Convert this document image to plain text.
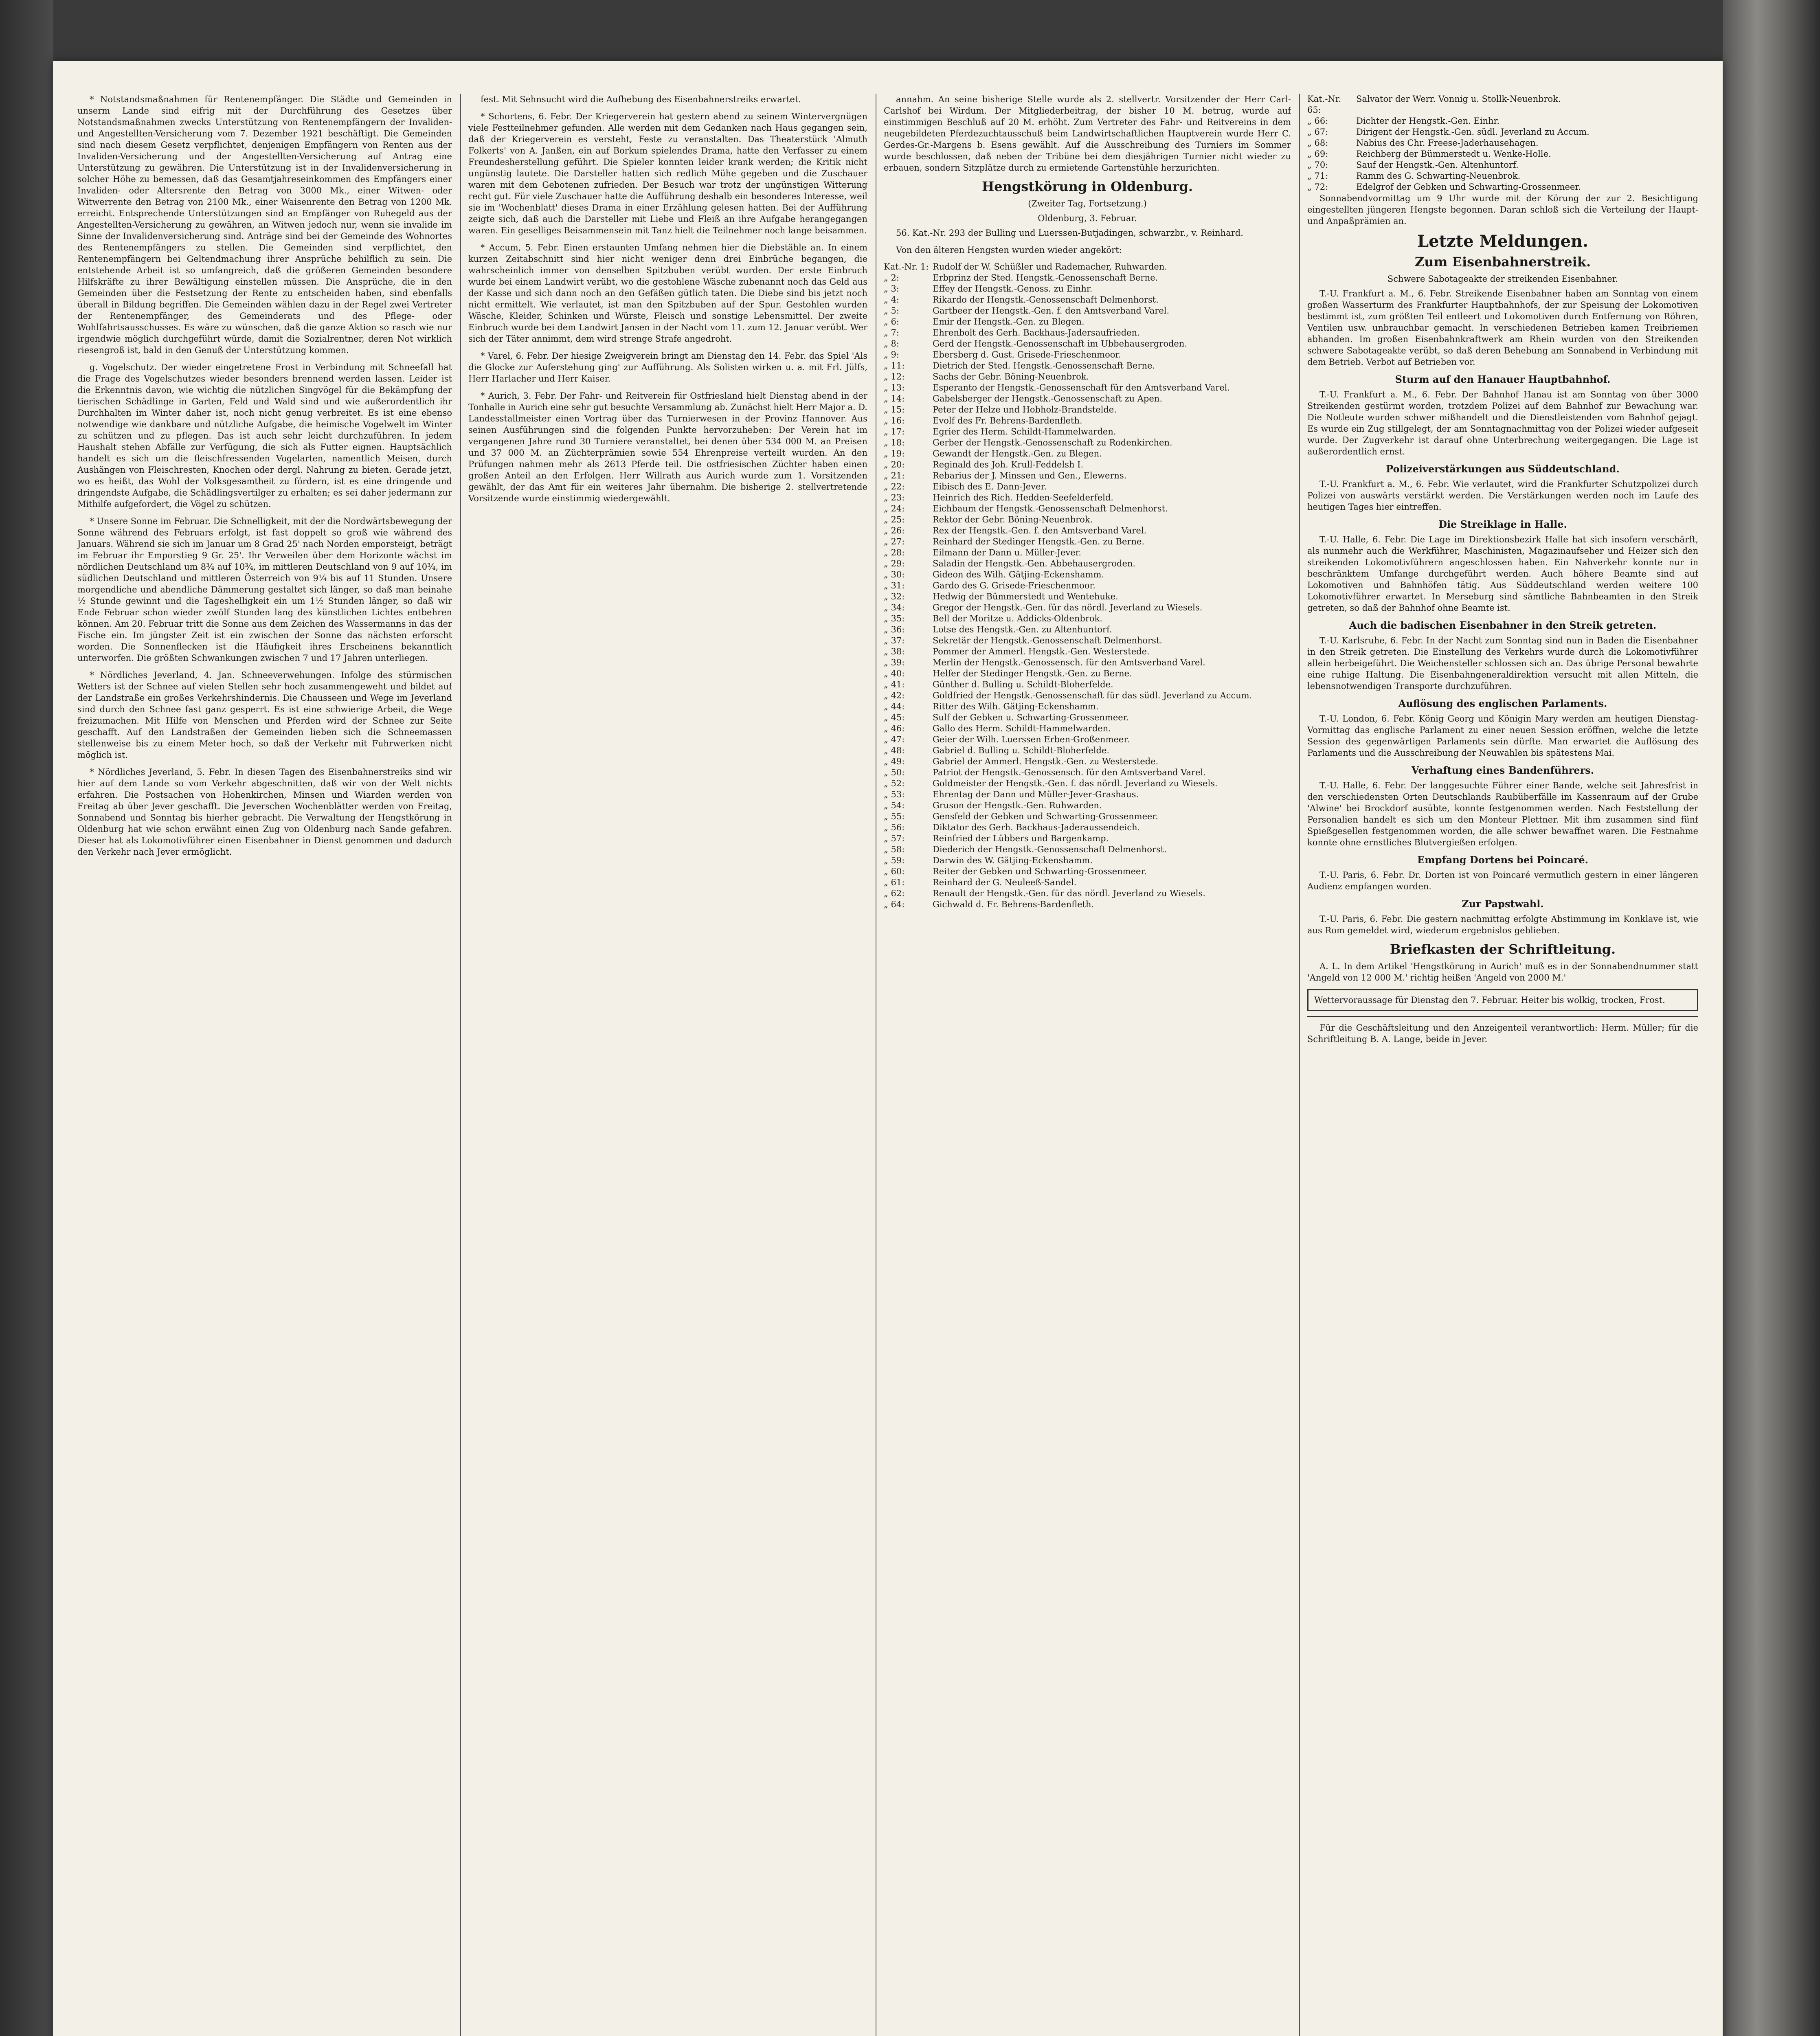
* Notstandsmaßnahmen für Rentenempfänger. Die Städte und Gemeinden in unserm Lande sind eifrig mit der Durchführung des Gesetzes über Notstandsmaßnahmen zwecks Unterstützung von Rentenempfängern der Invaliden- und Angestellten-Versicherung vom 7. Dezember 1921 beschäftigt. Die Gemeinden sind nach diesem Gesetz verpflichtet, denjenigen Empfängern von Renten aus der Invaliden-Versicherung und der Angestellten-Versicherung auf Antrag eine Unterstützung zu gewähren. Die Unterstützung ist in der Invalidenversicherung in solcher Höhe zu bemessen, daß das Gesamtjahreseinkommen des Empfängers einer Invaliden- oder Altersrente den Betrag von 3000 Mk., einer Witwen- oder Witwerrente den Betrag von 2100 Mk., einer Waisenrente den Betrag von 1200 Mk. erreicht. Entsprechende Unterstützungen sind an Empfänger von Ruhegeld aus der Angestellten-Versicherung zu gewähren, an Witwen jedoch nur, wenn sie invalide im Sinne der Invalidenversicherung sind. Anträge sind bei der Gemeinde des Wohnortes des Rentenempfängers zu stellen. Die Gemeinden sind verpflichtet, den Rentenempfängern bei Geltendmachung ihrer Ansprüche behilflich zu sein. Die entstehende Arbeit ist so umfangreich, daß die größeren Gemeinden besondere Hilfskräfte zu ihrer Bewältigung einstellen müssen. Die Ansprüche, die in den Gemeinden über die Festsetzung der Rente zu entscheiden haben, sind ebenfalls überall in Bildung begriffen. Die Gemeinden wählen dazu in der Regel zwei Vertreter der Rentenempfänger, des Gemeinderats und des Pflege- oder Wohlfahrtsausschusses. Es wäre zu wünschen, daß die ganze Aktion so rasch wie nur irgendwie möglich durchgeführt würde, damit die Sozialrentner, deren Not wirklich riesengroß ist, bald in den Genuß der Unterstützung kommen.

g. Vogelschutz. Der wieder eingetretene Frost in Verbindung mit Schneefall hat die Frage des Vogelschutzes wieder besonders brennend werden lassen. Leider ist die Erkenntnis davon, wie wichtig die nützlichen Singvögel für die Bekämpfung der tierischen Schädlinge in Garten, Feld und Wald sind und wie außerordentlich ihr Durchhalten im Winter daher ist, noch nicht genug verbreitet. Es ist eine ebenso notwendige wie dankbare und nützliche Aufgabe, die heimische Vogelwelt im Winter zu schützen und zu pflegen. Das ist auch sehr leicht durchzuführen. In jedem Haushalt stehen Abfälle zur Verfügung, die sich als Futter eignen. Hauptsächlich handelt es sich um die fleischfressenden Vogelarten, namentlich Meisen, durch Aushängen von Fleischresten, Knochen oder dergl. Nahrung zu bieten. Gerade jetzt, wo es heißt, das Wohl der Volksgesamtheit zu fördern, ist es eine dringende und dringendste Aufgabe, die Schädlingsvertilger zu erhalten; es sei daher jedermann zur Mithilfe aufgefordert, die Vögel zu schützen.

* Unsere Sonne im Februar. Die Schnelligkeit, mit der die Nordwärtsbewegung der Sonne während des Februars erfolgt, ist fast doppelt so groß wie während des Januars. Während sie sich im Januar um 8 Grad 25' nach Norden emporsteigt, beträgt im Februar ihr Emporstieg 9 Gr. 25'. Ihr Verweilen über dem Horizonte wächst im nördlichen Deutschland um 8¾ auf 10¾, im mittleren Deutschland von 9 auf 10¾, im südlichen Deutschland und mittleren Österreich von 9¼ bis auf 11 Stunden. Unsere morgendliche und abendliche Dämmerung gestaltet sich länger, so daß man beinahe ½ Stunde gewinnt und die Tageshelligkeit ein um 1½ Stunden länger, so daß wir Ende Februar schon wieder zwölf Stunden lang des künstlichen Lichtes entbehren können. Am 20. Februar tritt die Sonne aus dem Zeichen des Wassermanns in das der Fische ein. Im jüngster Zeit ist ein zwischen der Sonne das nächsten erforscht worden. Die Sonnenflecken ist die Häufigkeit ihres Erscheinens bekanntlich unterworfen. Die größten Schwankungen zwischen 7 und 17 Jahren unterliegen.

* Nördliches Jeverland, 4. Jan. Schneeverwehungen. Infolge des stürmischen Wetters ist der Schnee auf vielen Stellen sehr hoch zusammengeweht und bildet auf der Landstraße ein großes Verkehrshindernis. Die Chausseen und Wege im Jeverland sind durch den Schnee fast ganz gesperrt. Es ist eine schwierige Arbeit, die Wege freizumachen. Mit Hilfe von Menschen und Pferden wird der Schnee zur Seite geschafft. Auf den Landstraßen der Gemeinden lieben sich die Schneemassen stellenweise bis zu einem Meter hoch, so daß der Verkehr mit Fuhrwerken nicht möglich ist.

* Nördliches Jeverland, 5. Febr. In diesen Tagen des Eisenbahnerstreiks sind wir hier auf dem Lande so vom Verkehr abgeschnitten, daß wir von der Welt nichts erfahren. Die Postsachen von Hohenkirchen, Minsen und Wiarden werden von Freitag ab über Jever geschafft. Die Jeverschen Wochenblätter werden von Freitag, Sonnabend und Sonntag bis hierher gebracht. Die Verwaltung der Hengstkörung in Oldenburg hat wie schon erwähnt einen Zug von Oldenburg nach Sande gefahren. Dieser hat als Lokomotivführer einen Eisenbahner in Dienst genommen und dadurch den Verkehr nach Jever ermöglicht.

fest. Mit Sehnsucht wird die Aufhebung des Eisenbahnerstreiks erwartet.

* Schortens, 6. Febr. Der Kriegerverein hat gestern abend zu seinem Wintervergnügen viele Festteilnehmer gefunden. Alle werden mit dem Gedanken nach Haus gegangen sein, daß der Kriegerverein es versteht, Feste zu veranstalten. Das Theaterstück 'Almuth Folkerts' von A. Janßen, ein auf Borkum spielendes Drama, hatte den Verfasser zu einem Freundesherstellung geführt. Die Spieler konnten leider krank werden; die Kritik nicht ungünstig lautete. Die Darsteller hatten sich redlich Mühe gegeben und die Zuschauer waren mit dem Gebotenen zufrieden. Der Besuch war trotz der ungünstigen Witterung recht gut. Für viele Zuschauer hatte die Aufführung deshalb ein besonderes Interesse, weil sie im 'Wochenblatt' dieses Drama in einer Erzählung gelesen hatten. Bei der Aufführung zeigte sich, daß auch die Darsteller mit Liebe und Fleiß an ihre Aufgabe herangegangen waren. Ein geselliges Beisammensein mit Tanz hielt die Teilnehmer noch lange beisammen.

* Accum, 5. Febr. Einen erstaunten Umfang nehmen hier die Diebstähle an. In einem kurzen Zeitabschnitt sind hier nicht weniger denn drei Einbrüche begangen, die wahrscheinlich immer von denselben Spitzbuben verübt wurden. Der erste Einbruch wurde bei einem Landwirt verübt, wo die gestohlene Wäsche zubenannt noch das Geld aus der Kasse und sich dann noch an den Gefäßen gütlich taten. Die Diebe sind bis jetzt noch nicht ermittelt. Wie verlautet, ist man den Spitzbuben auf der Spur. Gestohlen wurden Wäsche, Kleider, Schinken und Würste, Fleisch und sonstige Lebensmittel. Der zweite Einbruch wurde bei dem Landwirt Jansen in der Nacht vom 11. zum 12. Januar verübt. Wer sich der Täter annimmt, dem wird strenge Strafe angedroht.

* Varel, 6. Febr. Der hiesige Zweigverein bringt am Dienstag den 14. Febr. das Spiel 'Als die Glocke zur Auferstehung ging' zur Aufführung. Als Solisten wirken u. a. mit Frl. Jülfs, Herr Harlacher und Herr Kaiser.

* Aurich, 3. Febr. Der Fahr- und Reitverein für Ostfriesland hielt Dienstag abend in der Tonhalle in Aurich eine sehr gut besuchte Versammlung ab. Zunächst hielt Herr Major a. D. Landesstallmeister einen Vortrag über das Turnierwesen in der Provinz Hannover. Aus seinen Ausführungen sind die folgenden Punkte hervorzuheben: Der Verein hat im vergangenen Jahre rund 30 Turniere veranstaltet, bei denen über 534 000 M. an Preisen und 37 000 M. an Züchterprämien sowie 554 Ehrenpreise verteilt wurden. An den Prüfungen nahmen mehr als 2613 Pferde teil. Die ostfriesischen Züchter haben einen großen Anteil an den Erfolgen. Herr Willrath aus Aurich wurde zum 1. Vorsitzenden gewählt, der das Amt für ein weiteres Jahr übernahm. Die bisherige 2. stellvertretende Vorsitzende wurde einstimmig wiedergewählt.

annahm. An seine bisherige Stelle wurde als 2. stellvertr. Vorsitzender der Herr Carl-Carlshof bei Wirdum. Der Mitgliederbeitrag, der bisher 10 M. betrug, wurde auf einstimmigen Beschluß auf 20 M. erhöht. Zum Vertreter des Fahr- und Reitvereins in dem neugebildeten Pferdezuchtausschuß beim Landwirtschaftlichen Hauptverein wurde Herr C. Gerdes-Gr.-Margens b. Esens gewählt. Auf die Ausschreibung des Turniers im Sommer wurde beschlossen, daß neben der Tribüne bei dem diesjährigen Turnier nicht wieder zu erbauen, sondern Sitzplätze durch zu ermietende Gartenstühle herzurichten.

Hengstkörung in Oldenburg.
(Zweiter Tag, Fortsetzung.)
Oldenburg, 3. Februar.

56. Kat.-Nr. 293 der Bulling und Luerssen-Butjadingen, schwarzbr., v. Reinhard.

Von den älteren Hengsten wurden wieder angekört:

Kat.-Nr. 1: Rudolf der W. Schüßler und Rademacher, Ruhwarden.
„ 2:	Erbprinz der Sted. Hengstk.-Genossenschaft Berne.
„ 3:	Effey der Hengstk.-Genoss. zu Einhr.
„ 4:	Rikardo der Hengstk.-Genossenschaft Delmenhorst.
„ 5:	Gartbeer der Hengstk.-Gen. f. den Amtsverband Varel.
„ 6:	Emir der Hengstk.-Gen. zu Blegen.
„ 7:	Ehrenbolt des Gerh. Backhaus-Jadersaufrieden.
„ 8:	Gerd der Hengstk.-Genossenschaft im Ubbehausergroden.
„ 9:	Ebersberg d. Gust. Grisede-Frieschenmoor.
„ 11:	Dietrich der Sted. Hengstk.-Genossenschaft Berne.
„ 12:	Sachs der Gebr. Böning-Neuenbrok.
„ 13:	Esperanto der Hengstk.-Genossenschaft für den Amtsverband Varel.
„ 14:	Gabelsberger der Hengstk.-Genossenschaft zu Apen.
„ 15:	Peter der Helze und Hobholz-Brandstelde.
„ 16:	Evolf des Fr. Behrens-Bardenfleth.
„ 17:	Egrier des Herm. Schildt-Hammelwarden.
„ 18:	Gerber der Hengstk.-Genossenschaft zu Rodenkirchen.
„ 19:	Gewandt der Hengstk.-Gen. zu Blegen.
„ 20:	Reginald des Joh. Krull-Feddelsh I.
„ 21:	Rebarius der J. Minssen und Gen., Elewerns.
„ 22:	Eibisch des E. Dann-Jever.
„ 23:	Heinrich des Rich. Hedden-Seefelderfeld.
„ 24:	Eichbaum der Hengstk.-Genossenschaft Delmenhorst.
„ 25:	Rektor der Gebr. Böning-Neuenbrok.
„ 26:	Rex der Hengstk.-Gen. f. den Amtsverband Varel.
„ 27:	Reinhard der Stedinger Hengstk.-Gen. zu Berne.
„ 28:	Eilmann der Dann u. Müller-Jever.
„ 29:	Saladin der Hengstk.-Gen. Abbehausergroden.
„ 30:	Gideon des Wilh. Gätjing-Eckenshamm.
„ 31:	Gardo des G. Grisede-Frieschenmoor.
„ 32:	Hedwig der Bümmerstedt und Wentehuke.
„ 34:	Gregor der Hengstk.-Gen. für das nördl. Jeverland zu Wiesels.
„ 35:	Bell der Moritze u. Addicks-Oldenbrok.
„ 36:	Lotse des Hengstk.-Gen. zu Altenhuntorf.
„ 37:	Sekretär der Hengstk.-Genossenschaft Delmenhorst.
„ 38:	Pommer der Ammerl. Hengstk.-Gen. Westerstede.
„ 39:	Merlin der Hengstk.-Genossensch. für den Amtsverband Varel.
„ 40:	Helfer der Stedinger Hengstk.-Gen. zu Berne.
„ 41:	Günther d. Bulling u. Schildt-Bloherfelde.
„ 42:	Goldfried der Hengstk.-Genossenschaft für das südl. Jeverland zu Accum.
„ 44:	Ritter des Wilh. Gätjing-Eckenshamm.
„ 45:	Sulf der Gebken u. Schwarting-Grossenmeer.
„ 46:	Gallo des Herm. Schildt-Hammelwarden.
„ 47:	Geier der Wilh. Luerssen Erben-Großenmeer.
„ 48:	Gabriel d. Bulling u. Schildt-Bloherfelde.
„ 49:	Gabriel der Ammerl. Hengstk.-Gen. zu Westerstede.
„ 50:	Patriot der Hengstk.-Genossensch. für den Amtsverband Varel.
„ 52:	Goldmeister der Hengstk.-Gen. f. das nördl. Jeverland zu Wiesels.
„ 53:	Ehrentag der Dann und Müller-Jever-Grashaus.
„ 54:	Gruson der Hengstk.-Gen. Ruhwarden.
„ 55:	Gensfeld der Gebken und Schwarting-Grossenmeer.
„ 56:	Diktator des Gerh. Backhaus-Jaderaussendeich.
„ 57:	Reinfried der Lübbers und Bargenkamp.
„ 58:	Diederich der Hengstk.-Genossenschaft Delmenhorst.
„ 59:	Darwin des W. Gätjing-Eckenshamm.
„ 60:	Reiter der Gebken und Schwarting-Grossenmeer.
„ 61:	Reinhard der G. Neuleeß-Sandel.
„ 62:	Renault der Hengstk.-Gen. für das nördl. Jeverland zu Wiesels.
„ 64:	Gichwald d. Fr. Behrens-Bardenfleth.
Kat.-Nr. 65:
Salvator der Werr. Vonnig u. Stollk-Neuenbrok.
„ 66:	Dichter der Hengstk.-Gen. Einhr.
„ 67:	Dirigent der Hengstk.-Gen. südl. Jeverland zu Accum.
„ 68:	Nabius des Chr. Freese-Jaderhausehagen.
„ 69:	Reichberg der Bümmerstedt u. Wenke-Holle.
„ 70:	Sauf der Hengstk.-Gen. Altenhuntorf.
„ 71:	Ramm des G. Schwarting-Neuenbrok.
„ 72:	Edelgrof der Gebken und Schwarting-Grossenmeer.

Sonnabendvormittag um 9 Uhr wurde mit der Körung der zur 2. Besichtigung eingestellten jüngeren Hengste begonnen. Daran schloß sich die Verteilung der Haupt- und Anpaßprämien an.

Letzte Meldungen.
Zum Eisenbahnerstreik.
Schwere Sabotageakte der streikenden Eisenbahner.

T.-U. Frankfurt a. M., 6. Febr. Streikende Eisenbahner haben am Sonntag von einem großen Wasserturm des Frankfurter Hauptbahnhofs, der zur Speisung der Lokomotiven bestimmt ist, zum größten Teil entleert und Lokomotiven durch Entfernung von Röhren, Ventilen usw. unbrauchbar gemacht. In verschiedenen Betrieben kamen Treibriemen abhanden. Im großen Eisenbahnkraftwerk am Rhein wurden von den Streikenden schwere Sabotageakte verübt, so daß deren Behebung am Sonnabend in Verbindung mit dem Betrieb. Verbot auf Betrieben vor.

Sturm auf den Hanauer Hauptbahnhof.

T.-U. Frankfurt a. M., 6. Febr. Der Bahnhof Hanau ist am Sonntag von über 3000 Streikenden gestürmt worden, trotzdem Polizei auf dem Bahnhof zur Bewachung war. Die Notleute wurden schwer mißhandelt und die Dienstleistenden vom Bahnhof gejagt. Es wurde ein Zug stillgelegt, der am Sonntagnachmittag von der Polizei wieder aufgeseit wurde. Der Zugverkehr ist darauf ohne Unterbrechung weitergegangen. Die Lage ist außerordentlich ernst.

Polizeiverstärkungen aus Süddeutschland.

T.-U. Frankfurt a. M., 6. Febr. Wie verlautet, wird die Frankfurter Schutzpolizei durch Polizei von auswärts verstärkt werden. Die Verstärkungen werden noch im Laufe des heutigen Tages hier eintreffen.

Die Streiklage in Halle.

T.-U. Halle, 6. Febr. Die Lage im Direktionsbezirk Halle hat sich insofern verschärft, als nunmehr auch die Werkführer, Maschinisten, Magazinaufseher und Heizer sich den streikenden Lokomotivführern angeschlossen haben. Ein Nahverkehr konnte nur in beschränktem Umfange durchgeführt werden. Auch höhere Beamte sind auf Lokomotiven und Bahnhöfen tätig. Aus Süddeutschland werden weitere 100 Lokomotivführer erwartet. In Merseburg sind sämtliche Bahnbeamten in den Streik getreten, so daß der Bahnhof ohne Beamte ist.

Auch die badischen Eisenbahner in den Streik getreten.

T.-U. Karlsruhe, 6. Febr. In der Nacht zum Sonntag sind nun in Baden die Eisenbahner in den Streik getreten. Die Einstellung des Verkehrs wurde durch die Lokomotivführer allein herbeigeführt. Die Weichensteller schlossen sich an. Das übrige Personal bewahrte eine ruhige Haltung. Die Eisenbahngeneraldirektion versucht mit allen Mitteln, die lebensnotwendigen Transporte durchzuführen.

Auflösung des englischen Parlaments.

T.-U. London, 6. Febr. König Georg und Königin Mary werden am heutigen Dienstag-Vormittag das englische Parlament zu einer neuen Session eröffnen, welche die letzte Session des gegenwärtigen Parlaments sein dürfte. Man erwartet die Auflösung des Parlaments und die Ausschreibung der Neuwahlen bis spätestens Mai.

Verhaftung eines Bandenführers.

T.-U. Halle, 6. Febr. Der langgesuchte Führer einer Bande, welche seit Jahresfrist in den verschiedensten Orten Deutschlands Raubüberfälle im Kassenraum auf der Grube 'Alwine' bei Brockdorf ausübte, konnte festgenommen werden. Nach Feststellung der Personalien handelt es sich um den Monteur Plettner. Mit ihm zusammen sind fünf Spießgesellen festgenommen worden, die alle schwer bewaffnet waren. Die Festnahme konnte ohne ernstliches Blutvergießen erfolgen.

Empfang Dortens bei Poincaré.

T.-U. Paris, 6. Febr. Dr. Dorten ist von Poincaré vermutlich gestern in einer längeren Audienz empfangen worden.

Zur Papstwahl.

T.-U. Paris, 6. Febr. Die gestern nachmittag erfolgte Abstimmung im Konklave ist, wie aus Rom gemeldet wird, wiederum ergebnislos geblieben.

Briefkasten der Schriftleitung.

A. L. In dem Artikel 'Hengstkörung in Aurich' muß es in der Sonnabendnummer statt 'Angeld von 12 000 M.' richtig heißen 'Angeld von 2000 M.'

Wettervoraussage für Dienstag den 7. Februar. Heiter bis wolkig, trocken, Frost.

Für die Geschäftsleitung und den Anzeigenteil verantwortlich: Herm. Müller; für die Schriftleitung B. A. Lange, beide in Jever.
